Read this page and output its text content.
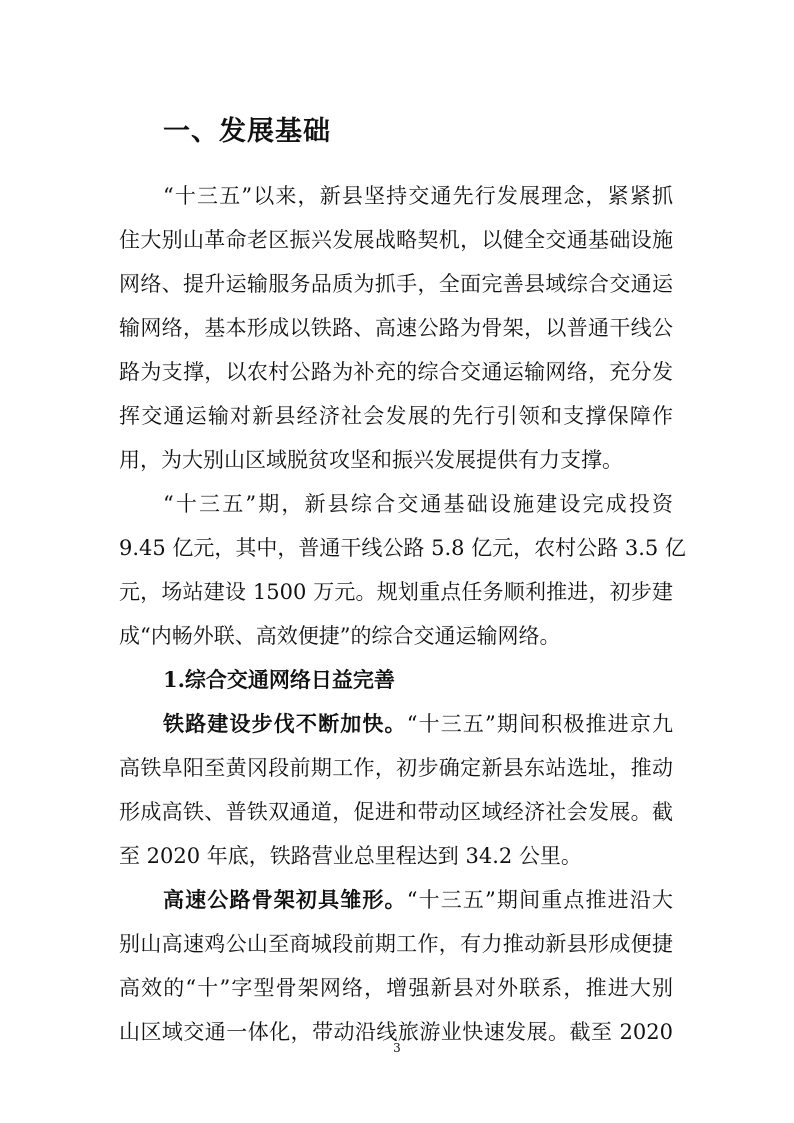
一、发展基础
“十三五”以来，新县坚持交通先行发展理念，紧紧抓
住大别山革命老区振兴发展战略契机，以健全交通基础设施
网络、提升运输服务品质为抓手，全面完善县域综合交通运
输网络，基本形成以铁路、高速公路为骨架，以普通干线公
路为支撑，以农村公路为补充的综合交通运输网络，充分发
挥交通运输对新县经济社会发展的先行引领和支撑保障作
用，为大别山区域脱贫攻坚和振兴发展提供有力支撑。
“十三五”期，新县综合交通基础设施建设完成投资
9.45 亿元，其中，普通干线公路 5.8 亿元，农村公路 3.5 亿
元，场站建设 1500 万元。规划重点任务顺利推进，初步建
成“内畅外联、高效便捷”的综合交通运输网络。
1.综合交通网络日益完善
铁路建设步伐不断加快。“十三五”期间积极推进京九
高铁阜阳至黄冈段前期工作，初步确定新县东站选址，推动
形成高铁、普铁双通道，促进和带动区域经济社会发展。截
至 2020 年底，铁路营业总里程达到 34.2 公里。
高速公路骨架初具雏形。“十三五”期间重点推进沿大
别山高速鸡公山至商城段前期工作，有力推动新县形成便捷
高效的“十”字型骨架网络，增强新县对外联系，推进大别
山区域交通一体化，带动沿线旅游业快速发展。截至 2020
3
